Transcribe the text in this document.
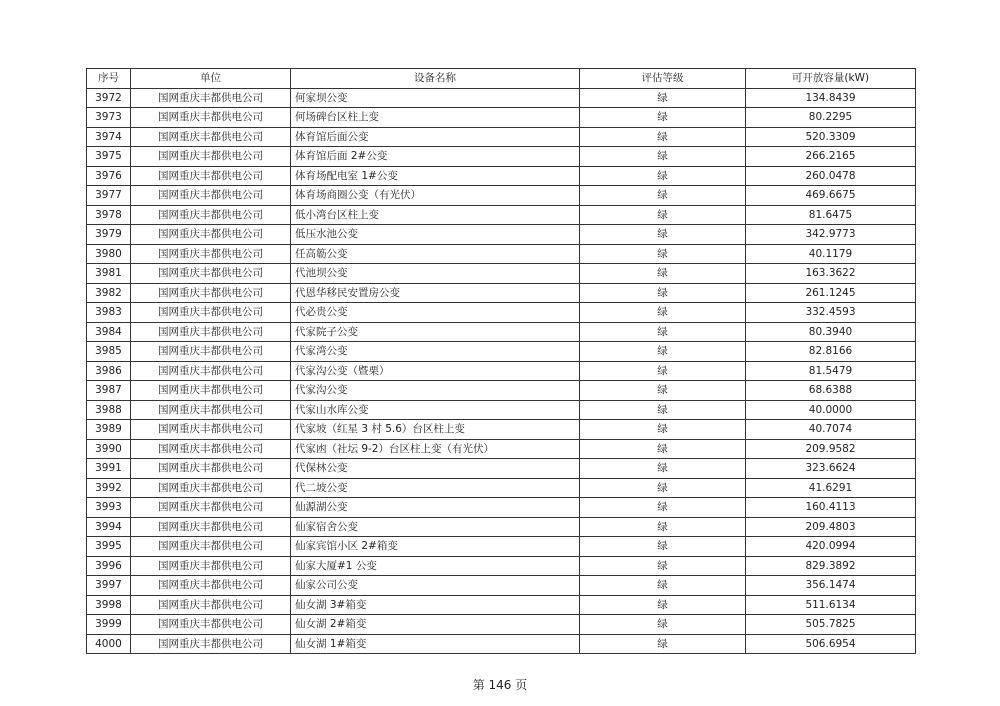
序号	单位	设备名称	评估等级	可开放容量(kW)
3972	国网重庆丰都供电公司	何家坝公变	绿	134.8439
3973	国网重庆丰都供电公司	何场碑台区柱上变	绿	80.2295
3974	国网重庆丰都供电公司	体育馆后面公变	绿	520.3309
3975	国网重庆丰都供电公司	体育馆后面 2#公变	绿	266.2165
3976	国网重庆丰都供电公司	体育场配电室 1#公变	绿	260.0478
3977	国网重庆丰都供电公司	体育场商圈公变（有光伏）	绿	469.6675
3978	国网重庆丰都供电公司	低小湾台区柱上变	绿	81.6475
3979	国网重庆丰都供电公司	低压水池公变	绿	342.9773
3980	国网重庆丰都供电公司	任高簕公变	绿	40.1179
3981	国网重庆丰都供电公司	代池坝公变	绿	163.3622
3982	国网重庆丰都供电公司	代恩华移民安置房公变	绿	261.1245
3983	国网重庆丰都供电公司	代必贵公变	绿	332.4593
3984	国网重庆丰都供电公司	代家院子公变	绿	80.3940
3985	国网重庆丰都供电公司	代家湾公变	绿	82.8166
3986	国网重庆丰都供电公司	代家沟公变（暨栗）	绿	81.5479
3987	国网重庆丰都供电公司	代家沟公变	绿	68.6388
3988	国网重庆丰都供电公司	代家山水库公变	绿	40.0000
3989	国网重庆丰都供电公司	代家坡（红星 3 村 5.6）台区柱上变	绿	40.7074
3990	国网重庆丰都供电公司	代家凼（社坛 9-2）台区柱上变（有光伏）	绿	209.9582
3991	国网重庆丰都供电公司	代保林公变	绿	323.6624
3992	国网重庆丰都供电公司	代二坡公变	绿	41.6291
3993	国网重庆丰都供电公司	仙源湖公变	绿	160.4113
3994	国网重庆丰都供电公司	仙家宿舍公变	绿	209.4803
3995	国网重庆丰都供电公司	仙家宾馆小区 2#箱变	绿	420.0994
3996	国网重庆丰都供电公司	仙家大厦#1 公变	绿	829.3892
3997	国网重庆丰都供电公司	仙家公司公变	绿	356.1474
3998	国网重庆丰都供电公司	仙女湖 3#箱变	绿	511.6134
3999	国网重庆丰都供电公司	仙女湖 2#箱变	绿	505.7825
4000	国网重庆丰都供电公司	仙女湖 1#箱变	绿	506.6954
第 146 页
